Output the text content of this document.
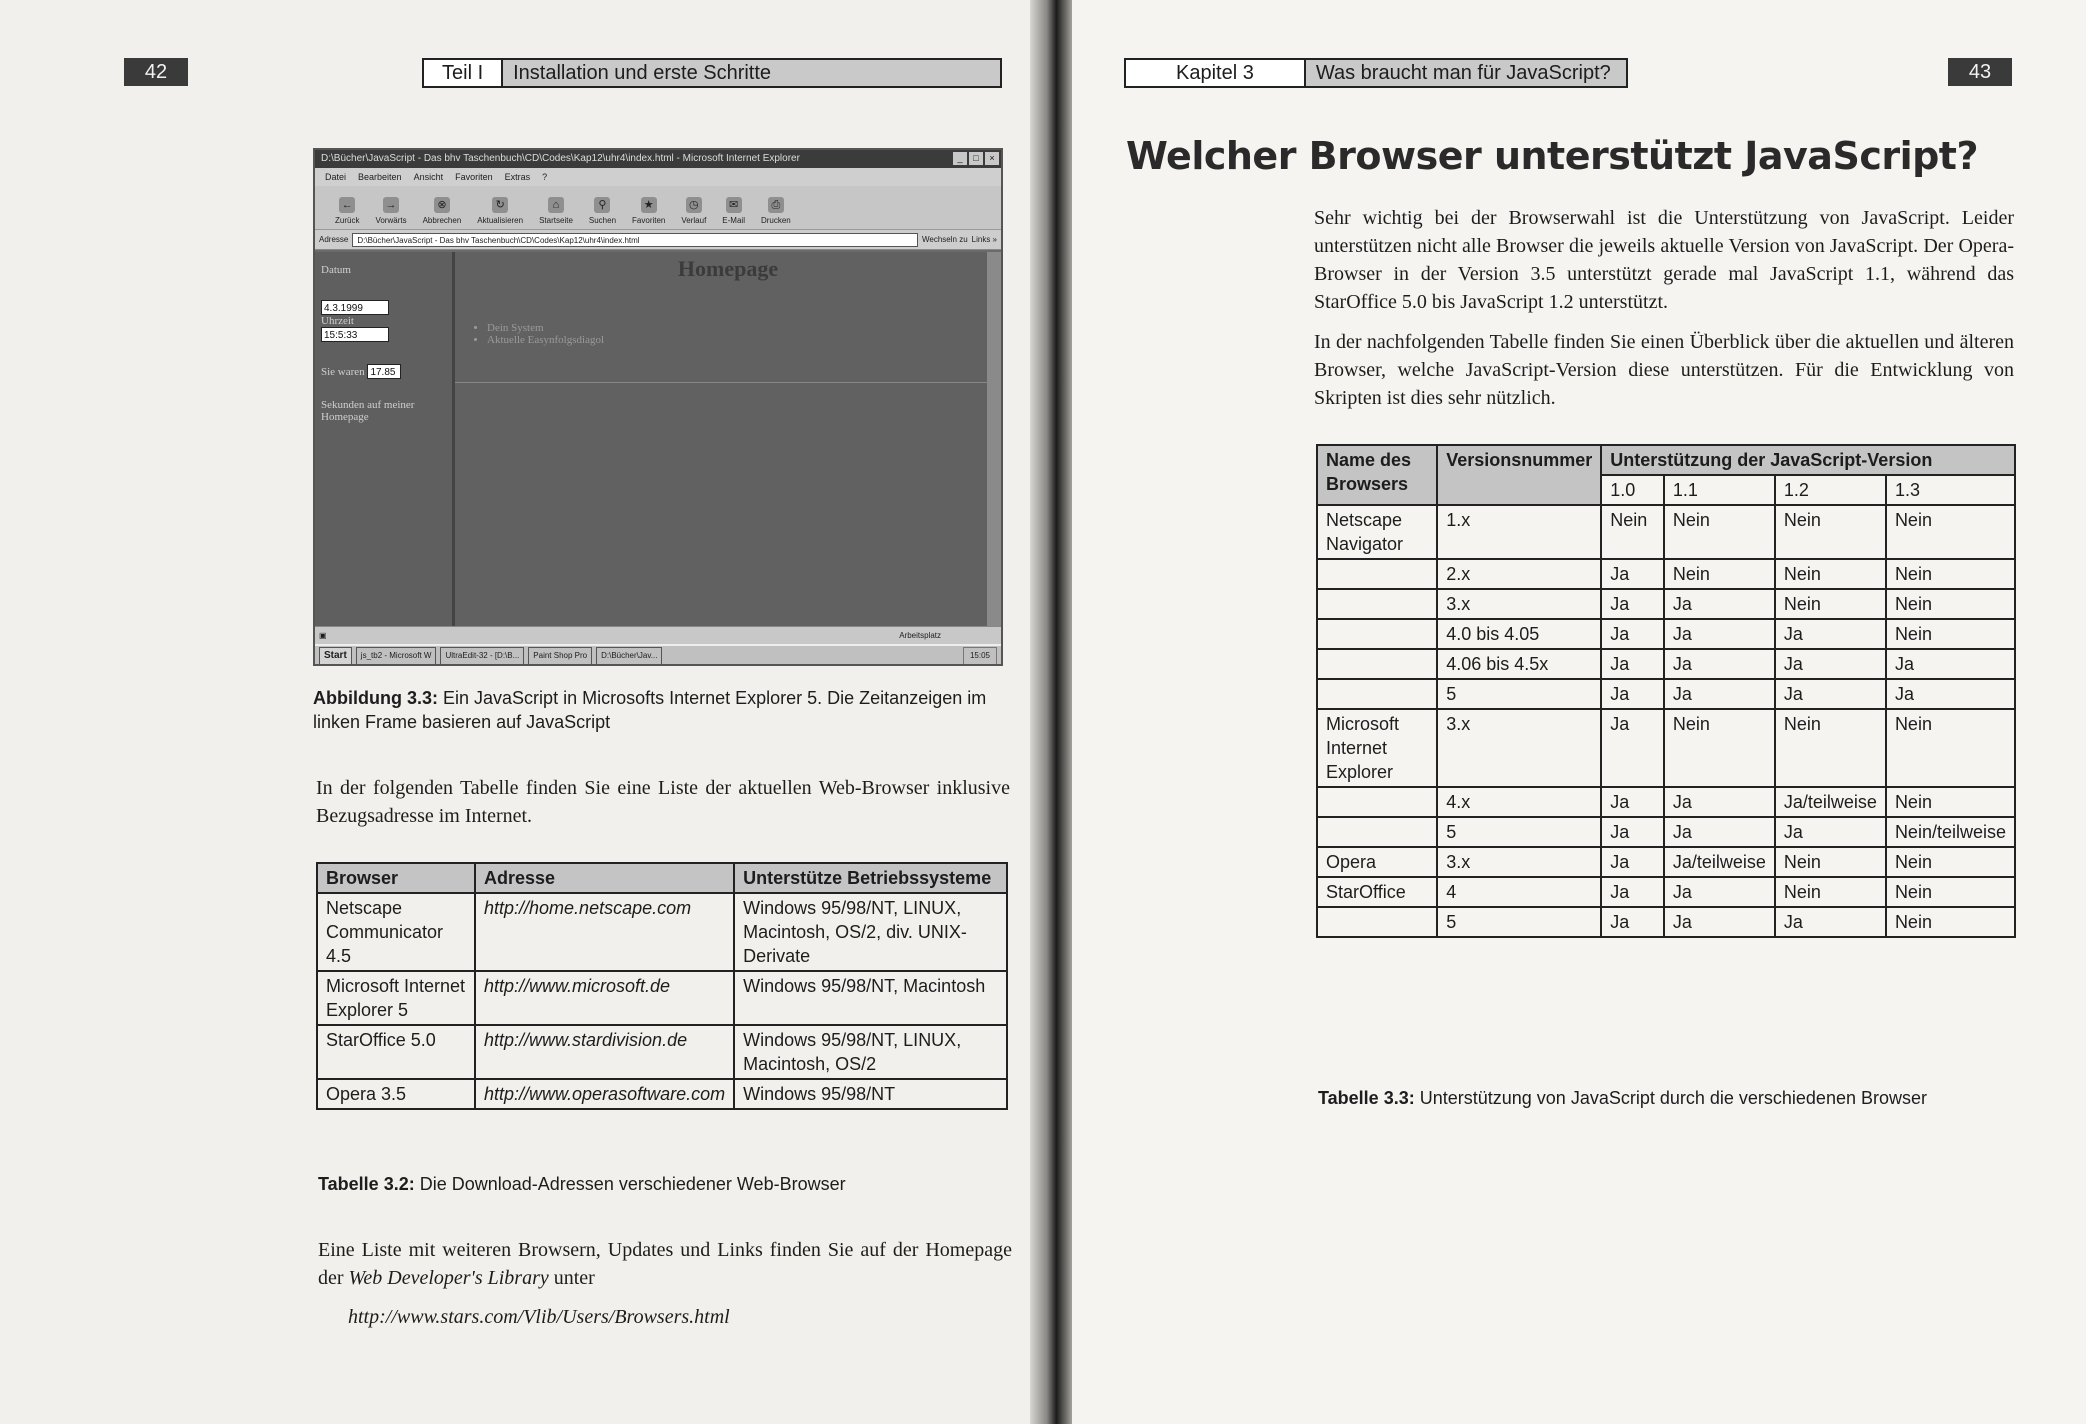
42	Teil I	Installation und erste Schritte
D:\Bücher\JavaScript - Das bhv Taschenbuch\CD\Codes\Kap12\uhr4\index.html - Microsoft Internet Explorer	_	□	×
Datei Bearbeiten Ansicht Favoriten Extras ?
←
Zurück
→
Vorwärts
⊗
Abbrechen
↻
Aktualisieren
⌂
Startseite
⚲
Suchen
★
Favoriten
◷
Verlauf
✉
E-Mail
⎙
Drucken
Adresse	D:\Bücher\JavaScript - Das bhv Taschenbuch\CD\Codes\Kap12\uhr4\index.html	Wechseln zu Links »
Datum
4.3.1999
Uhrzeit
15:5:33
Sie waren 17.85
Sekunden auf meiner Homepage
Homepage
• Dein System
• Aktuelle Easynfolgsdiagol
▣	Arbeitsplatz
Start	js_tb2 - Microsoft W	UltraEdit-32 - [D:\B...	Paint Shop Pro	D:\Bücher\Jav...	15:05
Abbildung 3.3: Ein JavaScript in Microsofts Internet Explorer 5. Die Zeitanzeigen im linken Frame basieren auf JavaScript

In der folgenden Tabelle finden Sie eine Liste der aktuellen Web-Browser inklusive Bezugsadresse im Internet.

Browser	Adresse	Unterstütze Betriebssysteme
Netscape Communicator 4.5	http://home.netscape.com	Windows 95/98/NT, LINUX, Macintosh, OS/2, div. UNIX-Derivate
Microsoft Internet Explorer 5	http://www.microsoft.de	Windows 95/98/NT, Macintosh
StarOffice 5.0	http://www.stardivision.de	Windows 95/98/NT, LINUX, Macintosh, OS/2
Opera 3.5	http://www.operasoftware.com	Windows 95/98/NT
Tabelle 3.2: Die Download-Adressen verschiedener Web-Browser

Eine Liste mit weiteren Browsern, Updates und Links finden Sie auf der Homepage der Web Developer's Library unter

http://www.stars.com/Vlib/Users/Browsers.html
Kapitel 3	Was braucht man für JavaScript?	43
Welcher Browser unterstützt JavaScript?

Sehr wichtig bei der Browserwahl ist die Unterstützung von JavaScript. Leider unterstützen nicht alle Browser die jeweils aktuelle Version von JavaScript. Der Opera-Browser in der Version 3.5 unterstützt gerade mal JavaScript 1.1, während das StarOffice 5.0 bis JavaScript 1.2 unterstützt.

In der nachfolgenden Tabelle finden Sie einen Überblick über die aktuellen und älteren Browser, welche JavaScript-Version diese unterstützen. Für die Entwicklung von Skripten ist dies sehr nützlich.

Name des Browsers	Versionsnummer	Unterstützung der JavaScript-Version			
		1.0	1.1	1.2	1.3
Netscape Navigator	1.x	Nein	Nein	Nein	Nein
	2.x	Ja	Nein	Nein	Nein
	3.x	Ja	Ja	Nein	Nein
	4.0 bis 4.05	Ja	Ja	Ja	Nein
	4.06 bis 4.5x	Ja	Ja	Ja	Ja
	5	Ja	Ja	Ja	Ja
Microsoft Internet Explorer	3.x	Ja	Nein	Nein	Nein
	4.x	Ja	Ja	Ja/teilweise	Nein
	5	Ja	Ja	Ja	Nein/teilweise
Opera	3.x	Ja	Ja/teilweise	Nein	Nein
StarOffice	4	Ja	Ja	Nein	Nein
	5	Ja	Ja	Ja	Nein
Tabelle 3.3: Unterstützung von JavaScript durch die verschiedenen Browser
